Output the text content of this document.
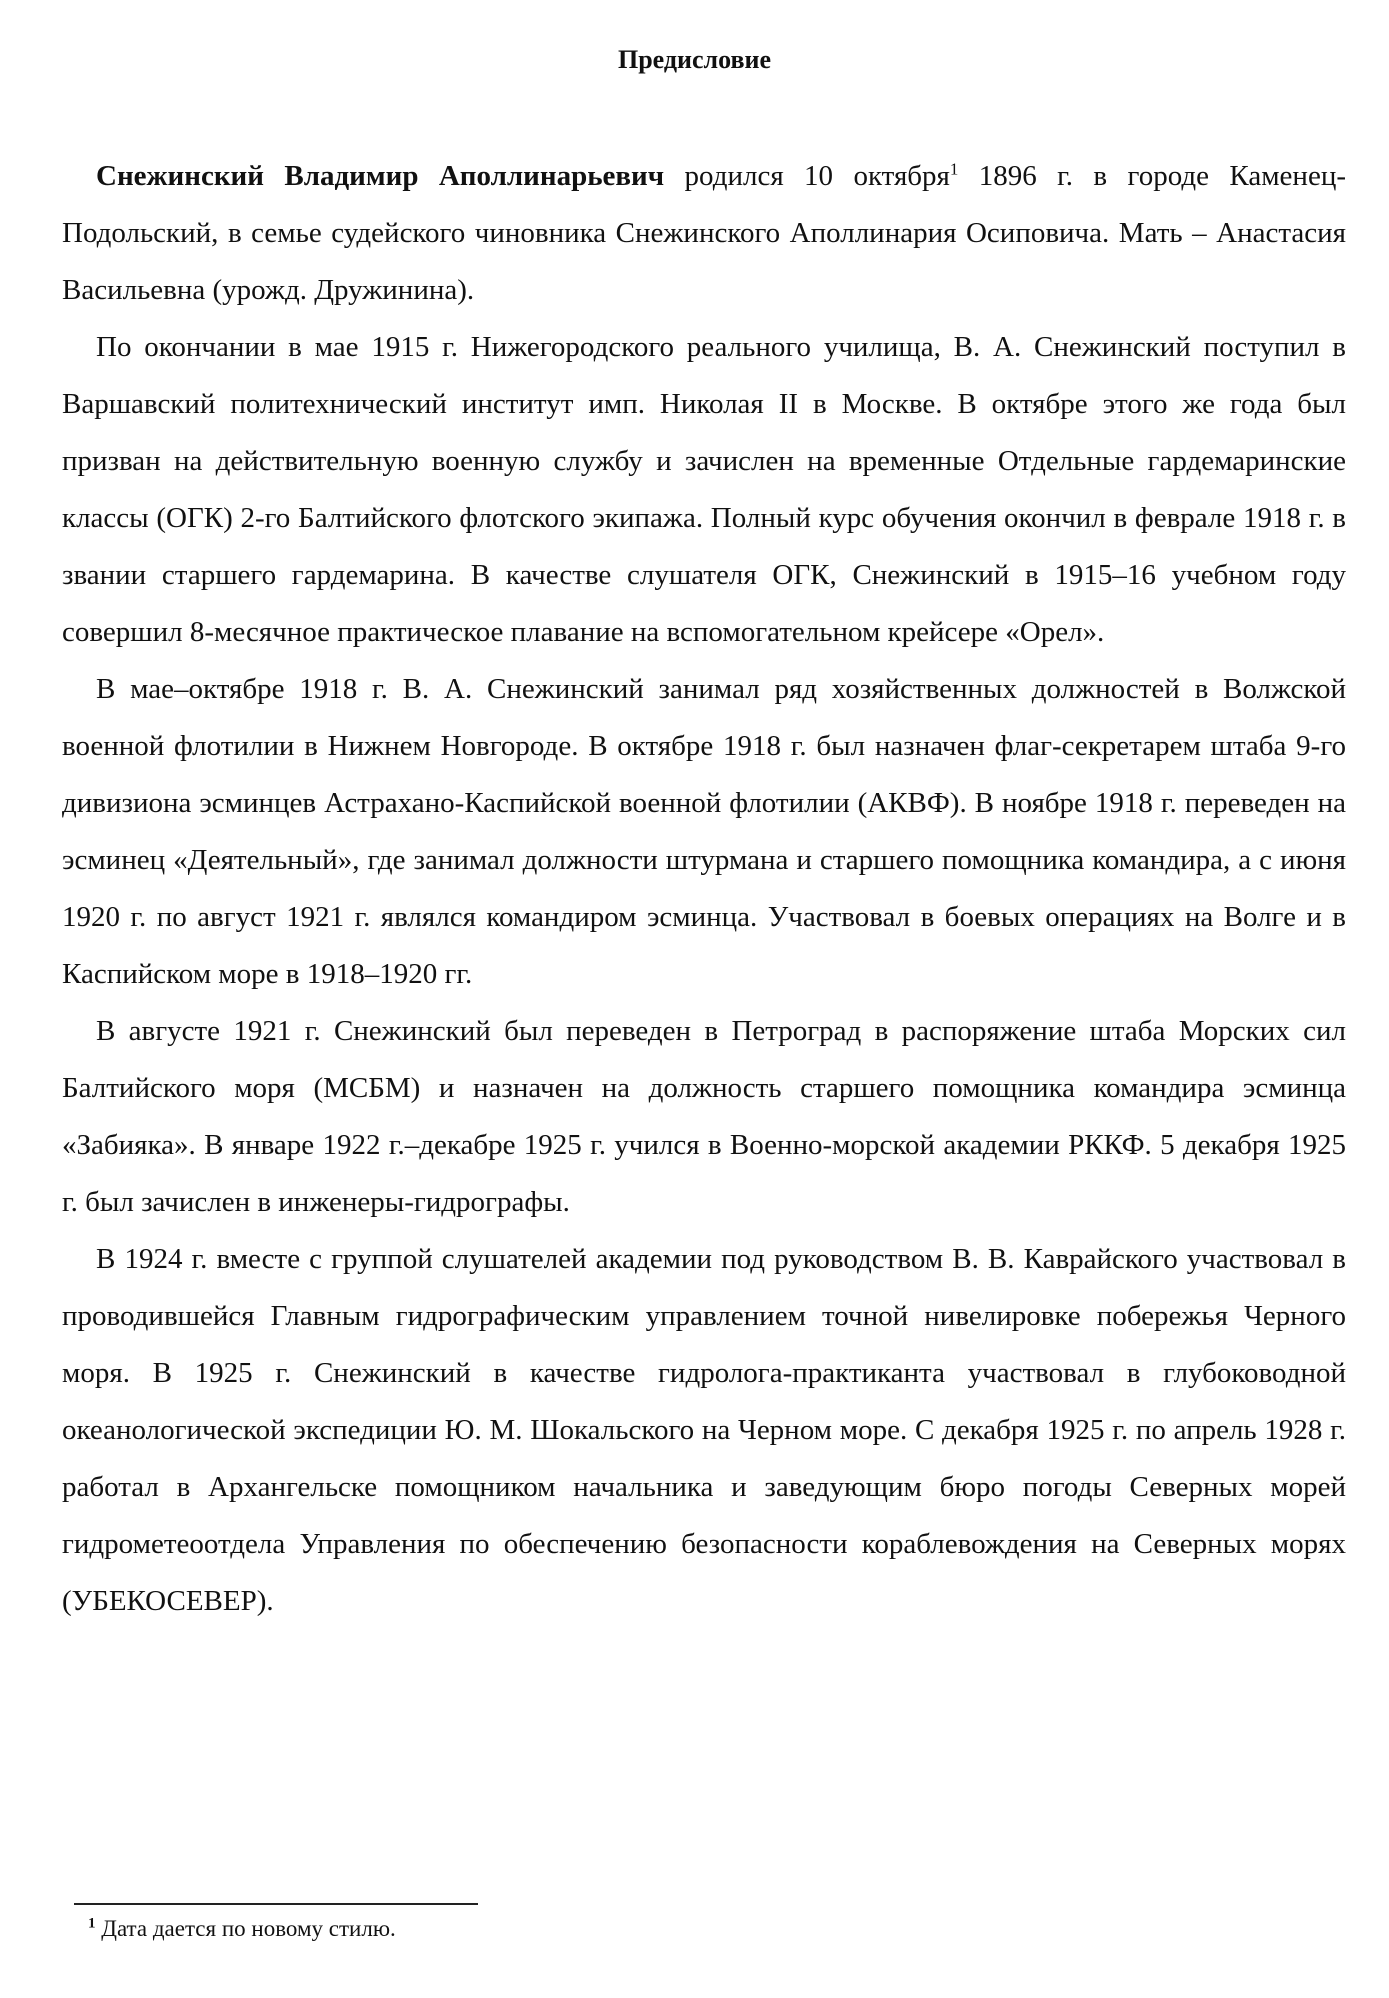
Предисловие

Снежинский Владимир Аполлинарьевич родился 10 октября$^1$ 1896 г. в городе Каменец-Подольский, в семье судейского чиновника Снежинского Аполлинария Осиповича. Мать – Анастасия Васильевна (урожд. Дружинина).

По окончании в мае 1915 г. Нижегородского реального училища, В. А. Снежинский поступил в Варшавский политехнический институт имп. Николая II в Москве. В октябре этого же года был призван на действительную военную службу и зачислен на временные Отдельные гардемаринские классы (ОГК) 2-го Балтийского флотского экипажа. Полный курс обучения окончил в феврале 1918 г. в звании старшего гардемарина. В качестве слушателя ОГК, Снежинский в 1915–16 учебном году совершил 8-месячное практическое плавание на вспомогательном крейсере «Орел».

В мае–октябре 1918 г. В. А. Снежинский занимал ряд хозяйственных должностей в Волжской военной флотилии в Нижнем Новгороде. В октябре 1918 г. был назначен флаг-секретарем штаба 9-го дивизиона эсминцев Астрахано-Каспийской военной флотилии (АКВФ). В ноябре 1918 г. переведен на эсминец «Деятельный», где занимал должности штурмана и старшего помощника командира, а с июня 1920 г. по август 1921 г. являлся командиром эсминца. Участвовал в боевых операциях на Волге и в Каспийском море в 1918–1920 гг.

В августе 1921 г. Снежинский был переведен в Петроград в распоряжение штаба Морских сил Балтийского моря (МСБМ) и назначен на должность старшего помощника командира эсминца «Забияка». В январе 1922 г.–декабре 1925 г. учился в Военно-морской академии РККФ. 5 декабря 1925 г. был зачислен в инженеры-гидрографы.

В 1924 г. вместе с группой слушателей академии под руководством В. В. Каврайского участвовал в проводившейся Главным гидрографическим управлением точной нивелировке побережья Черного моря. В 1925 г. Снежинский в качестве гидролога-практиканта участвовал в глубоководной океанологической экспедиции Ю. М. Шокальского на Черном море. С декабря 1925 г. по апрель 1928 г. работал в Архангельске помощником начальника и заведующим бюро погоды Северных морей гидрометеоотдела Управления по обеспечению безопасности кораблевождения на Северных морях (УБЕКОСЕВЕР).

$^1$ Дата дается по новому стилю.
